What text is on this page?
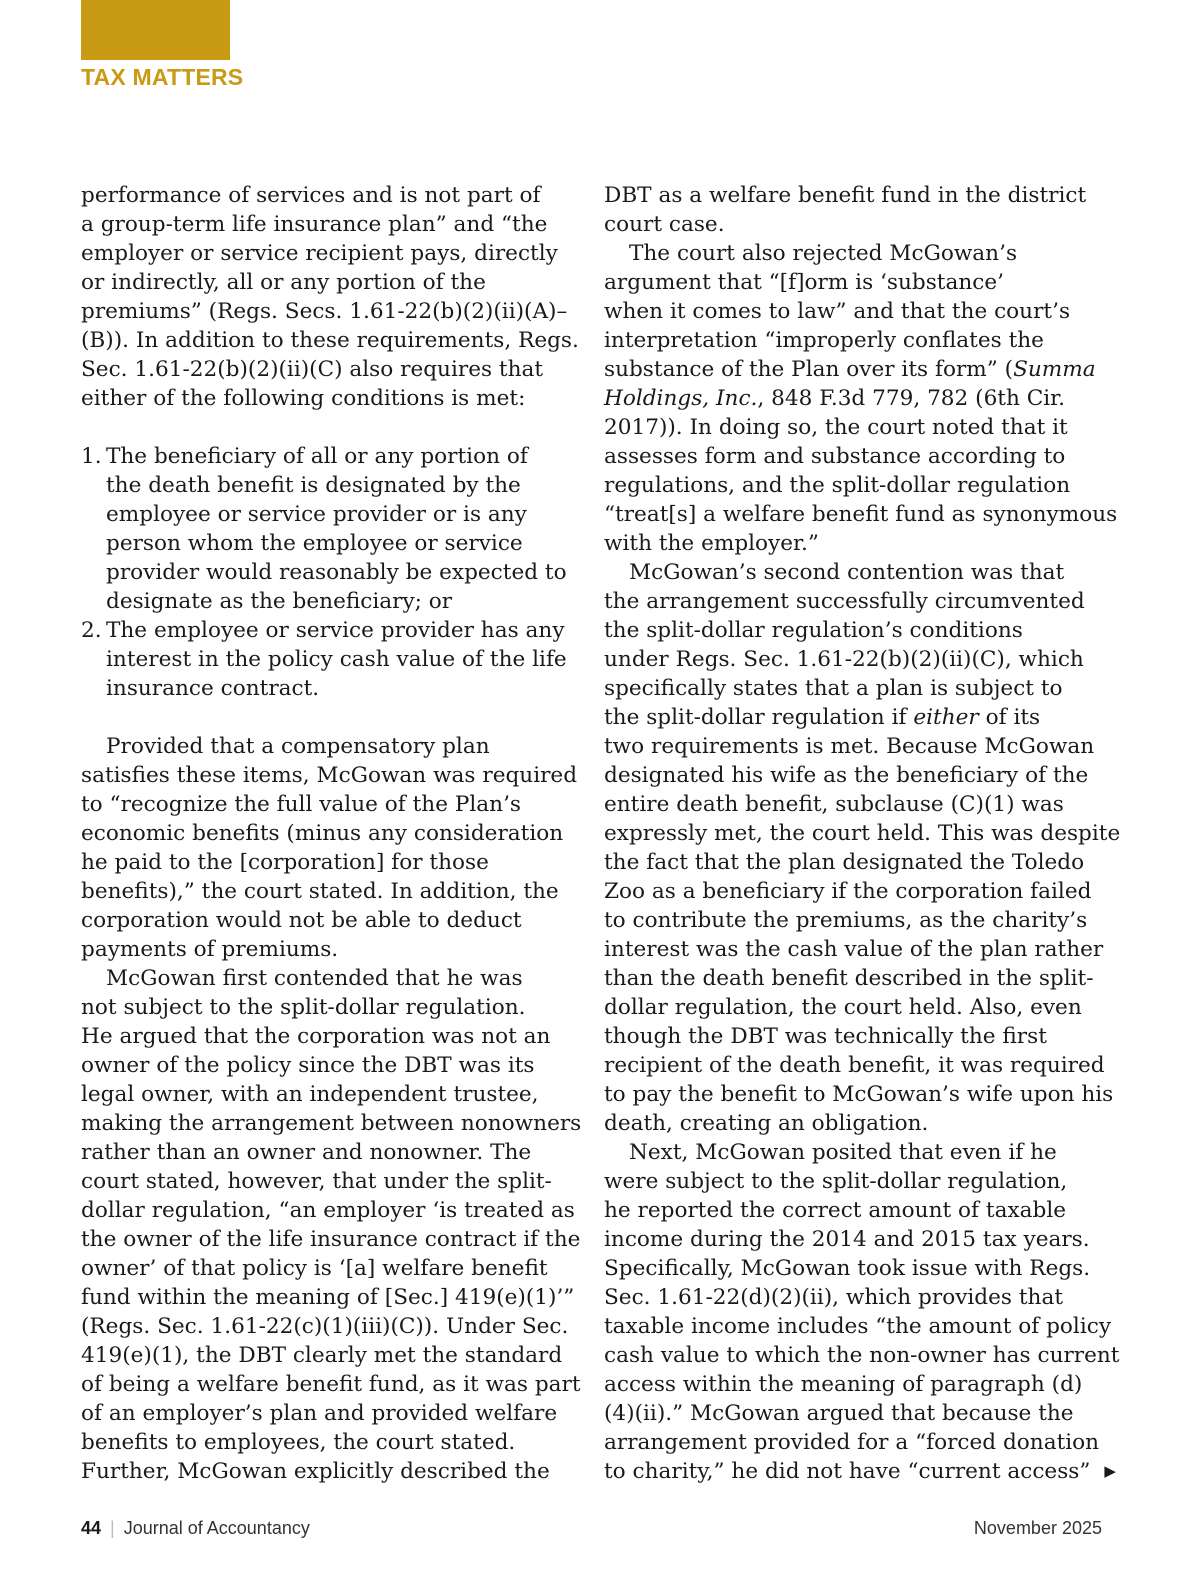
TAX MATTERS
performance of services and is not part of
a group-term life insurance plan” and “the
employer or service recipient pays, directly
or indirectly, all or any portion of the
premiums” (Regs. Secs. 1.61-22(b)(2)(ii)(A)–
(B)). In addition to these requirements, Regs.
Sec. 1.61-22(b)(2)(ii)(C) also requires that
either of the following conditions is met:
1. The beneficiary of all or any portion of
the death benefit is designated by the
employee or service provider or is any
person whom the employee or service
provider would reasonably be expected to
designate as the beneficiary; or
2. The employee or service provider has any
interest in the policy cash value of the life
insurance contract.
Provided that a compensatory plan
satisfies these items, McGowan was required
to “recognize the full value of the Plan’s
economic benefits (minus any consideration
he paid to the [corporation] for those
benefits),” the court stated. In addition, the
corporation would not be able to deduct
payments of premiums.
McGowan first contended that he was
not subject to the split-dollar regulation.
He argued that the corporation was not an
owner of the policy since the DBT was its
legal owner, with an independent trustee,
making the arrangement between nonowners
rather than an owner and nonowner. The
court stated, however, that under the split-
dollar regulation, “an employer ‘is treated as
the owner of the life insurance contract if the
owner’ of that policy is ‘[a] welfare benefit
fund within the meaning of [Sec.] 419(e)(1)’”
(Regs. Sec. 1.61-22(c)(1)(iii)(C)). Under Sec.
419(e)(1), the DBT clearly met the standard
of being a welfare benefit fund, as it was part
of an employer’s plan and provided welfare
benefits to employees, the court stated.
Further, McGowan explicitly described the
DBT as a welfare benefit fund in the district
court case.
The court also rejected McGowan’s
argument that “[f]orm is ‘substance’
when it comes to law” and that the court’s
interpretation “improperly conflates the
substance of the Plan over its form” (Summa
Holdings, Inc., 848 F.3d 779, 782 (6th Cir.
2017)). In doing so, the court noted that it
assesses form and substance according to
regulations, and the split-dollar regulation
“treat[s] a welfare benefit fund as synonymous
with the employer.”
McGowan’s second contention was that
the arrangement successfully circumvented
the split-dollar regulation’s conditions
under Regs. Sec. 1.61-22(b)(2)(ii)(C), which
specifically states that a plan is subject to
the split-dollar regulation if either of its
two requirements is met. Because McGowan
designated his wife as the beneficiary of the
entire death benefit, subclause (C)(1) was
expressly met, the court held. This was despite
the fact that the plan designated the Toledo
Zoo as a beneficiary if the corporation failed
to contribute the premiums, as the charity’s
interest was the cash value of the plan rather
than the death benefit described in the split-
dollar regulation, the court held. Also, even
though the DBT was technically the first
recipient of the death benefit, it was required
to pay the benefit to McGowan’s wife upon his
death, creating an obligation.
Next, McGowan posited that even if he
were subject to the split-dollar regulation,
he reported the correct amount of taxable
income during the 2014 and 2015 tax years.
Specifically, McGowan took issue with Regs.
Sec. 1.61-22(d)(2)(ii), which provides that
taxable income includes “the amount of policy
cash value to which the non-owner has current
access within the meaning of paragraph (d)
(4)(ii).” McGowan argued that because the
arrangement provided for a “forced donation
to charity,” he did not have “current access” ▶
44 | Journal of Accountancy	November 2025
